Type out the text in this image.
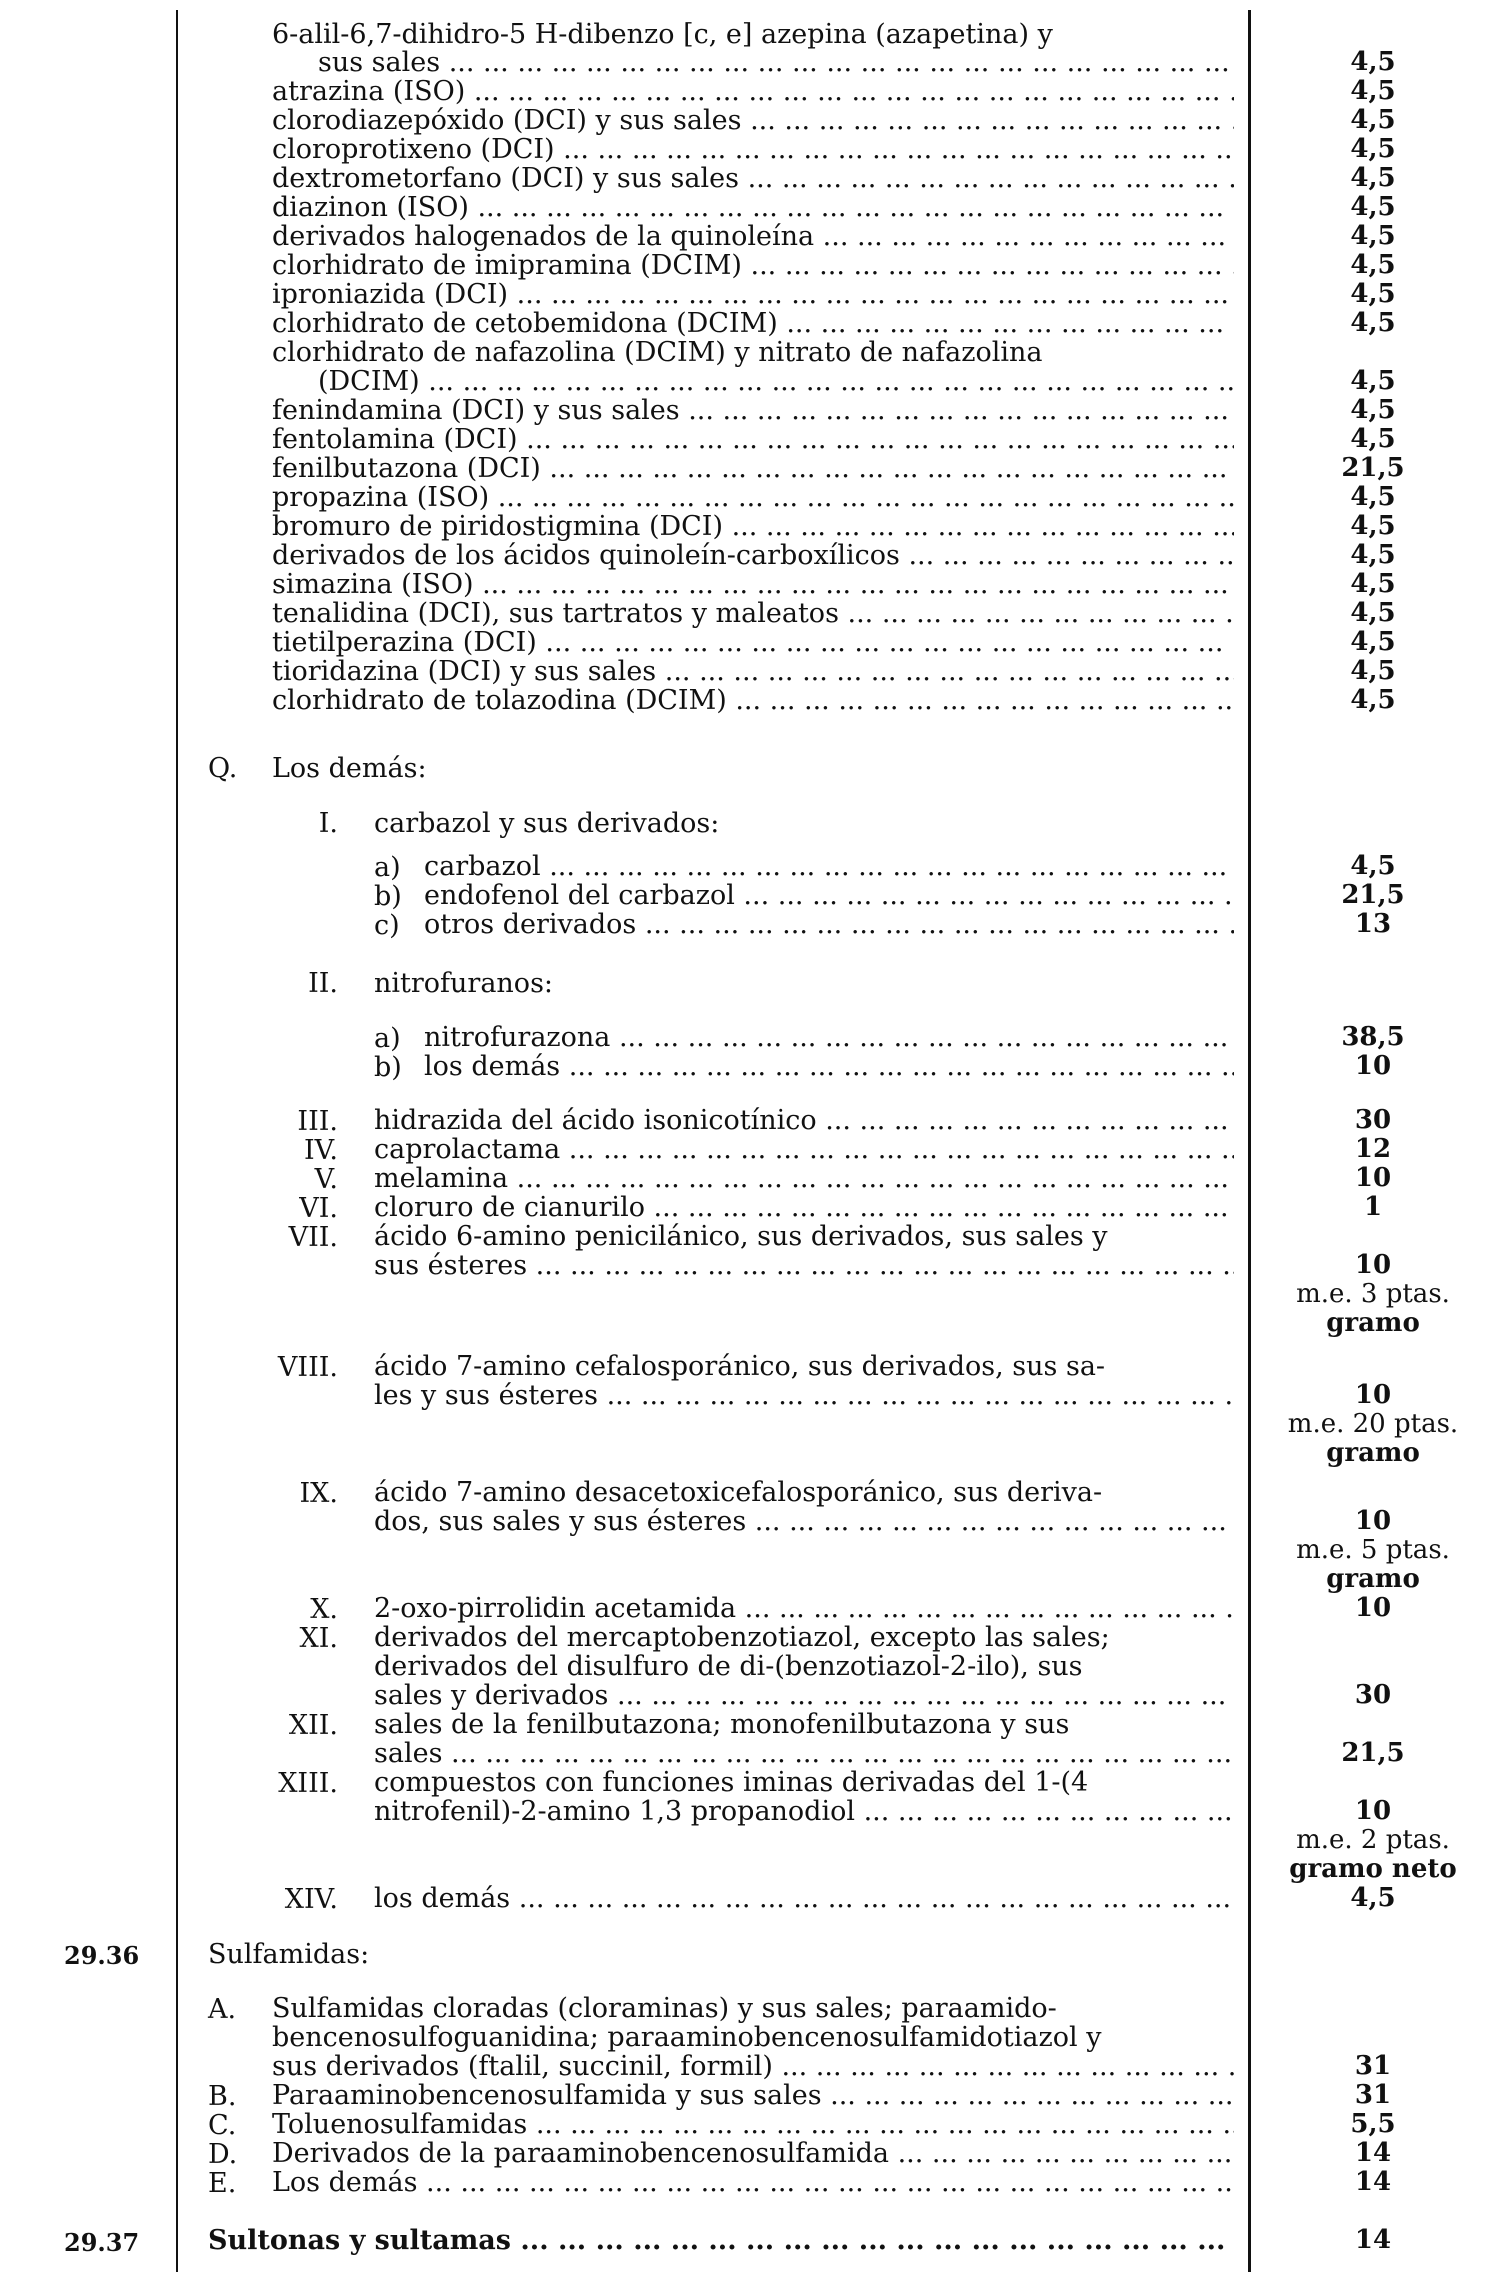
6-alil-6,7-dihidro-5 H-dibenzo [c, e] azepina (azapetina) y
sus sales ... .	4,5
atrazina (ISO) ... .	4,5
clorodiazepóxido (DCI) y sus sales ... .	4,5
cloroprotixeno (DCI) ... .	4,5
dextrometorfano (DCI) y sus sales ... .	4,5
diazinon (ISO) ... .	4,5
derivados halogenados de la quinoleína ... .	4,5
clorhidrato de imipramina (DCIM) ... .	4,5
iproniazida (DCI) ... .	4,5
clorhidrato de cetobemidona (DCIM) ... .	4,5
clorhidrato de nafazolina (DCIM) y nitrato de nafazolina
(DCIM) ... .	4,5
fenindamina (DCI) y sus sales ... .	4,5
fentolamina (DCI) ... .	4,5
fenilbutazona (DCI) ... .	21,5
propazina (ISO) ... .	4,5
bromuro de piridostigmina (DCI) ... .	4,5
derivados de los ácidos quinoleín-carboxílicos ... .	4,5
simazina (ISO) ... .	4,5
tenalidina (DCI), sus tartratos y maleatos ... .	4,5
tietilperazina (DCI) ... .	4,5
tioridazina (DCI) y sus sales ... .	4,5
clorhidrato de tolazodina (DCIM) ... .	4,5
Q. Los demás:
I. carbazol y sus derivados:
a) carbazol ... .	4,5
b) endofenol del carbazol ... .	21,5
c) otros derivados ... .	13
II. nitrofuranos:
a) nitrofurazona ... .	38,5
b) los demás ... .	10
III. hidrazida del ácido isonicotínico ... .	30
IV. caprolactama ... .	12
V. melamina ... .	10
VI. cloruro de cianurilo ... .	1
VII. ácido 6-amino penicilánico, sus derivados, sus sales y
sus ésteres ... .	10
m.e. 3 ptas.
gramo
VIII. ácido 7-amino cefalosporánico, sus derivados, sus sa-
les y sus ésteres ... .	10
m.e. 20 ptas.
gramo
IX. ácido 7-amino desacetoxicefalosporánico, sus deriva-
dos, sus sales y sus ésteres ... .	10
m.e. 5 ptas.
gramo
X. 2-oxo-pirrolidin acetamida ... .	10
XI. derivados del mercaptobenzotiazol, excepto las sales;
derivados del disulfuro de di-(benzotiazol-2-ilo), sus
sales y derivados ... .	30
XII. sales de la fenilbutazona; monofenilbutazona y sus
sales ... .	21,5
XIII. compuestos con funciones iminas derivadas del 1-(4
nitrofenil)-2-amino 1,3 propanodiol ... .	10
m.e. 2 ptas.
gramo neto
XIV. los demás ... .	4,5
29.36	Sulfamidas:
A. Sulfamidas cloradas (cloraminas) y sus sales; paraamido-
bencenosulfoguanidina; paraaminobencenosulfamidotiazol y
sus derivados (ftalil, succinil, formil) ... .	31
B. Paraaminobencenosulfamida y sus sales ... .	31
C. Toluenosulfamidas ... .	5,5
D. Derivados de la paraaminobencenosulfamida ... .	14
E. Los demás ... .	14
29.37	Sultonas y sultamas ... .	14
